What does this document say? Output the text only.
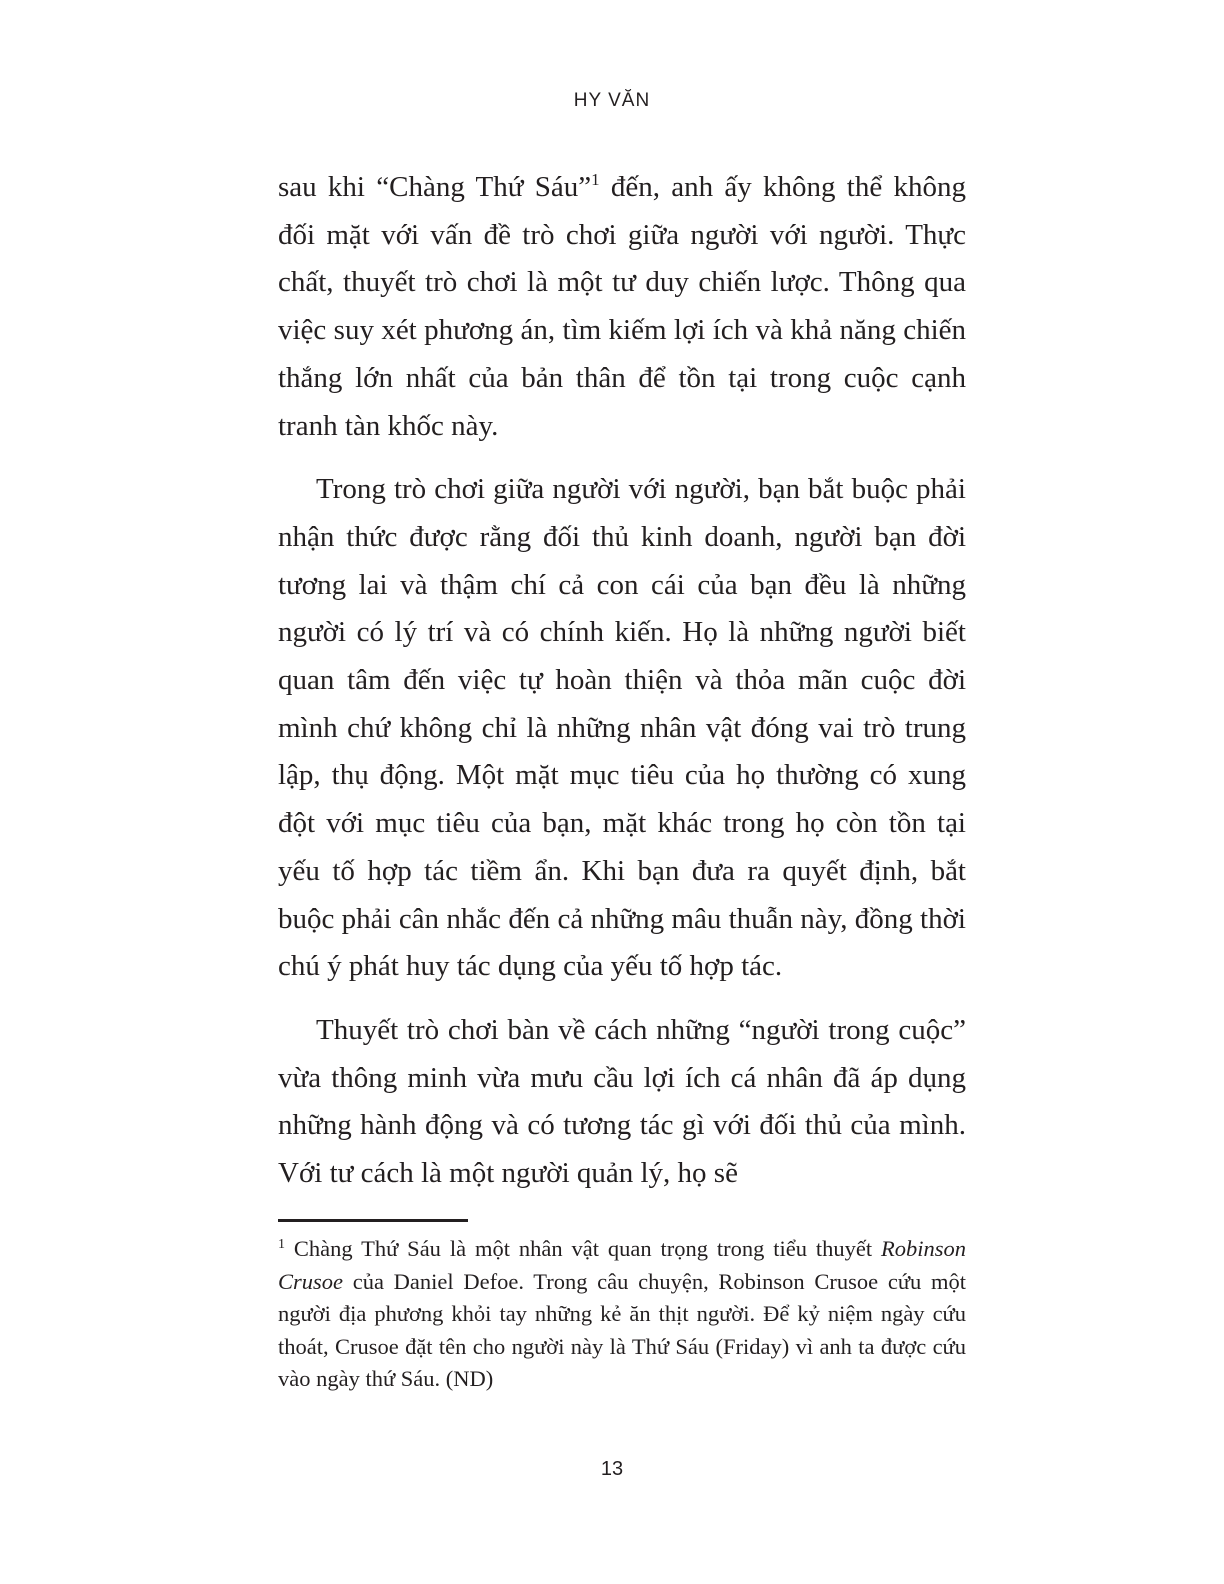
HY VĂN

sau khi “Chàng Thứ Sáu”$^1$ đến, anh ấy không thể không đối mặt với vấn đề trò chơi giữa người với người. Thực chất, thuyết trò chơi là một tư duy chiến lược. Thông qua việc suy xét phương án, tìm kiếm lợi ích và khả năng chiến thắng lớn nhất của bản thân để tồn tại trong cuộc cạnh tranh tàn khốc này.

Trong trò chơi giữa người với người, bạn bắt buộc phải nhận thức được rằng đối thủ kinh doanh, người bạn đời tương lai và thậm chí cả con cái của bạn đều là những người có lý trí và có chính kiến. Họ là những người biết quan tâm đến việc tự hoàn thiện và thỏa mãn cuộc đời mình chứ không chỉ là những nhân vật đóng vai trò trung lập, thụ động. Một mặt mục tiêu của họ thường có xung đột với mục tiêu của bạn, mặt khác trong họ còn tồn tại yếu tố hợp tác tiềm ẩn. Khi bạn đưa ra quyết định, bắt buộc phải cân nhắc đến cả những mâu thuẫn này, đồng thời chú ý phát huy tác dụng của yếu tố hợp tác.

Thuyết trò chơi bàn về cách những “người trong cuộc” vừa thông minh vừa mưu cầu lợi ích cá nhân đã áp dụng những hành động và có tương tác gì với đối thủ của mình. Với tư cách là một người quản lý, họ sẽ

$^1$ Chàng Thứ Sáu là một nhân vật quan trọng trong tiểu thuyết Robinson Crusoe của Daniel Defoe. Trong câu chuyện, Robinson Crusoe cứu một người địa phương khỏi tay những kẻ ăn thịt người. Để kỷ niệm ngày cứu thoát, Crusoe đặt tên cho người này là Thứ Sáu (Friday) vì anh ta được cứu vào ngày thứ Sáu. (ND)

13
